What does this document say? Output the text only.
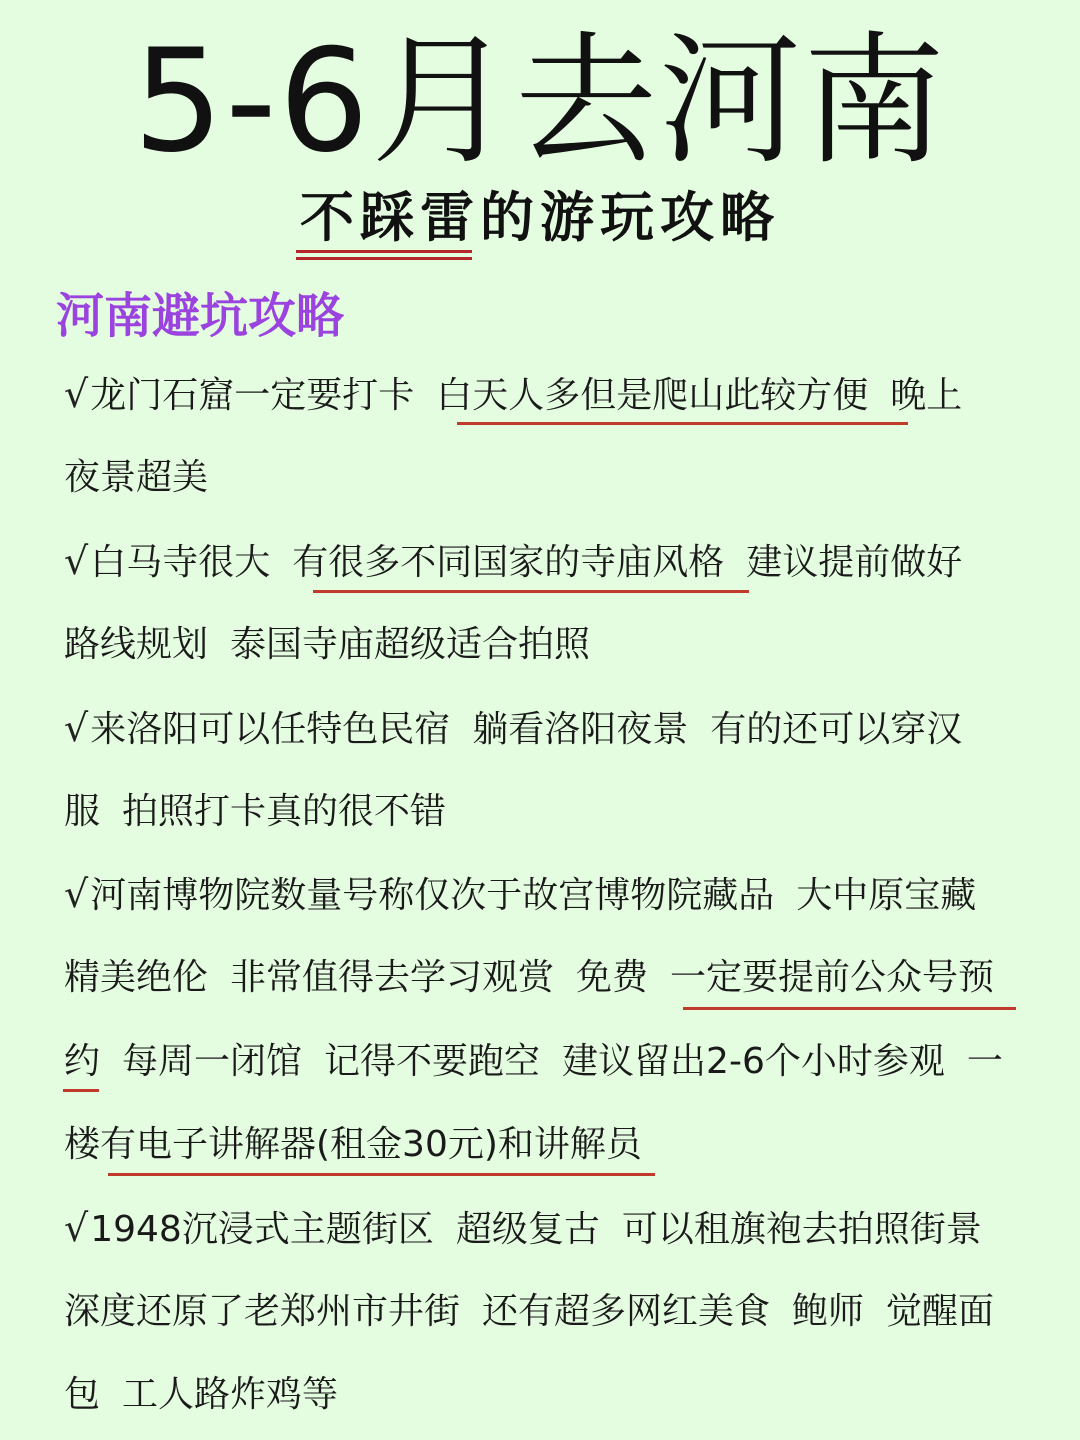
5-6月去河南
不踩雷的游玩攻略
河南避坑攻略
√龙门石窟一定要打卡 白天人多但是爬山此较方便 晚上
夜景超美
√白马寺很大 有很多不同国家的寺庙风格 建议提前做好
路线规划 泰国寺庙超级适合拍照
√来洛阳可以任特色民宿 躺看洛阳夜景 有的还可以穿汉
服 拍照打卡真的很不错
√河南博物院数量号称仅次于故宫博物院藏品 大中原宝藏
精美绝伦 非常值得去学习观赏 免费 一定要提前公众号预
约 每周一闭馆 记得不要跑空 建议留出2-6个小时参观 一
楼有电子讲解器(租金30元)和讲解员
√1948沉浸式主题街区 超级复古 可以租旗袍去拍照街景
深度还原了老郑州市井街 还有超多网红美食 鲍师 觉醒面
包 工人路炸鸡等
